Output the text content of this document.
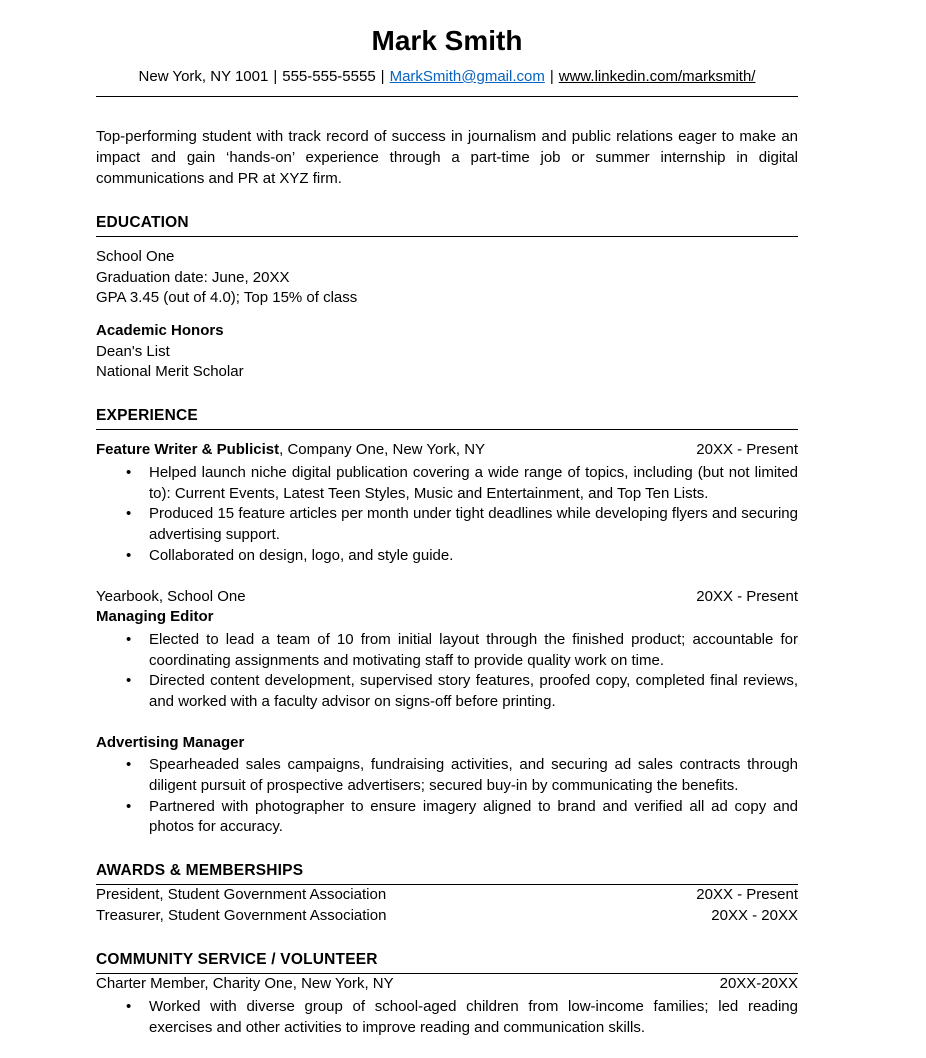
Mark Smith
New York, NY 1001 | 555-555-5555 | MarkSmith@gmail.com | www.linkedin.com/marksmith/

Top-performing student with track record of success in journalism and public relations eager to make an impact and gain ‘hands-on’ experience through a part-time job or summer internship in digital communications and PR at XYZ firm.

EDUCATION

School One

Graduation date: June, 20XX

GPA 3.45 (out of 4.0); Top 15% of class

Academic Honors

Dean's List

National Merit Scholar

EXPERIENCE
Feature Writer & Publicist, Company One, New York, NY	20XX - Present
• Helped launch niche digital publication covering a wide range of topics, including (but not limited to): Current Events, Latest Teen Styles, Music and Entertainment, and Top Ten Lists.
• Produced 15 feature articles per month under tight deadlines while developing flyers and securing advertising support.
• Collaborated on design, logo, and style guide.
Yearbook, School One	20XX - Present

Managing Editor

• Elected to lead a team of 10 from initial layout through the finished product; accountable for coordinating assignments and motivating staff to provide quality work on time.
• Directed content development, supervised story features, proofed copy, completed final reviews, and worked with a faculty advisor on signs-off before printing.

Advertising Manager

• Spearheaded sales campaigns, fundraising activities, and securing ad sales contracts through diligent pursuit of prospective advertisers; secured buy-in by communicating the benefits.
• Partnered with photographer to ensure imagery aligned to brand and verified all ad copy and photos for accuracy.
AWARDS & MEMBERSHIPS
President, Student Government Association	20XX - Present
Treasurer, Student Government Association	20XX - 20XX
COMMUNITY SERVICE / VOLUNTEER
Charter Member, Charity One, New York, NY	20XX-20XX
• Worked with diverse group of school-aged children from low-income families; led reading exercises and other activities to improve reading and communication skills.
